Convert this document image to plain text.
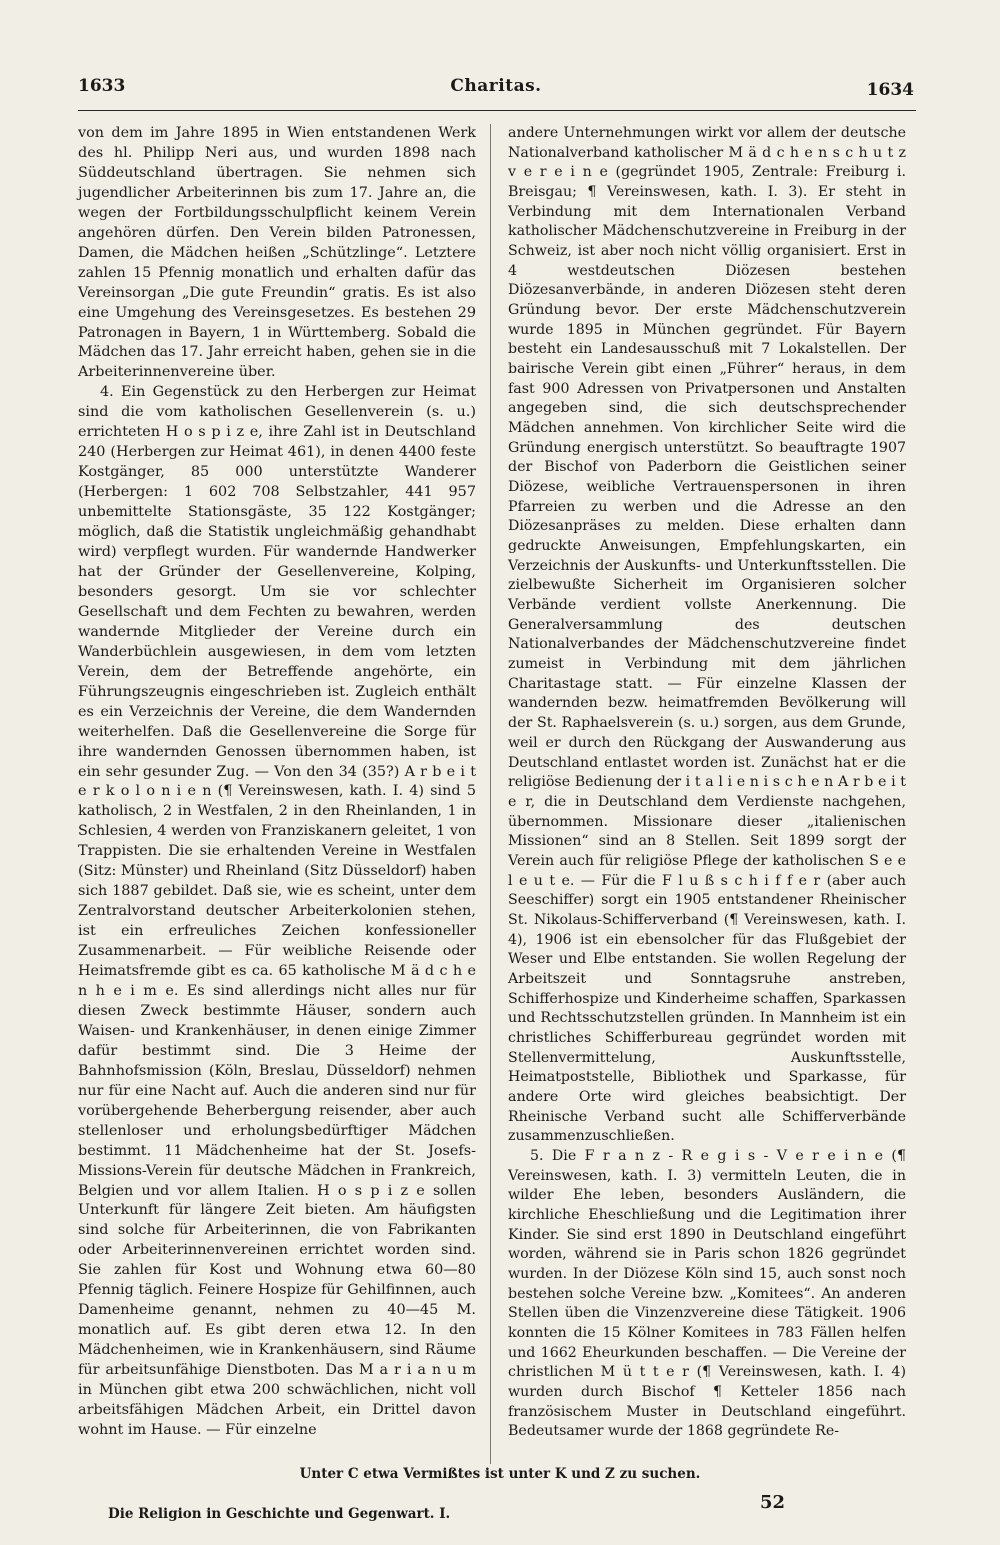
1633	Charitas.	1634

von dem im Jahre 1895 in Wien entstandenen Werk des hl. Philipp Neri aus, und wurden 1898 nach Süddeutschland übertragen. Sie nehmen sich jugendlicher Arbeiterinnen bis zum 17. Jahre an, die wegen der Fortbildungsschulpflicht keinem Verein angehören dürfen. Den Verein bilden Patronessen, Damen, die Mädchen heißen „Schützlinge“. Letztere zahlen 15 Pfennig monatlich und erhalten dafür das Vereinsorgan „Die gute Freundin“ gratis. Es ist also eine Umgehung des Vereinsgesetzes. Es bestehen 29 Patronagen in Bayern, 1 in Württemberg. Sobald die Mädchen das 17. Jahr erreicht haben, gehen sie in die Arbeiterinnenvereine über.

4. Ein Gegenstück zu den Herbergen zur Heimat sind die vom katholischen Gesellenverein (s. u.) errichteten H o s p i z e, ihre Zahl ist in Deutschland 240 (Herbergen zur Heimat 461), in denen 4400 feste Kostgänger, 85 000 unterstützte Wanderer (Herbergen: 1 602 708 Selbstzahler, 441 957 unbemittelte Stationsgäste, 35 122 Kostgänger; möglich, daß die Statistik ungleichmäßig gehandhabt wird) verpflegt wurden. Für wandernde Handwerker hat der Gründer der Gesellenvereine, Kolping, besonders gesorgt. Um sie vor schlechter Gesellschaft und dem Fechten zu bewahren, werden wandernde Mitglieder der Vereine durch ein Wanderbüchlein ausgewiesen, in dem vom letzten Verein, dem der Betreffende angehörte, ein Führungszeugnis eingeschrieben ist. Zugleich enthält es ein Verzeichnis der Vereine, die dem Wandernden weiterhelfen. Daß die Gesellenvereine die Sorge für ihre wandernden Genossen übernommen haben, ist ein sehr gesunder Zug. — Von den 34 (35?) A r b e i t e r k o l o n i e n (¶ Vereinswesen, kath. I. 4) sind 5 katholisch, 2 in Westfalen, 2 in den Rheinlanden, 1 in Schlesien, 4 werden von Franziskanern geleitet, 1 von Trappisten. Die sie erhaltenden Vereine in Westfalen (Sitz: Münster) und Rheinland (Sitz Düsseldorf) haben sich 1887 gebildet. Daß sie, wie es scheint, unter dem Zentralvorstand deutscher Arbeiterkolonien stehen, ist ein erfreuliches Zeichen konfessioneller Zusammenarbeit. — Für weibliche Reisende oder Heimatsfremde gibt es ca. 65 katholische M ä d c h e n h e i m e. Es sind allerdings nicht alles nur für diesen Zweck bestimmte Häuser, sondern auch Waisen- und Krankenhäuser, in denen einige Zimmer dafür bestimmt sind. Die 3 Heime der Bahnhofsmission (Köln, Breslau, Düsseldorf) nehmen nur für eine Nacht auf. Auch die anderen sind nur für vorübergehende Beherbergung reisender, aber auch stellenloser und erholungsbedürftiger Mädchen bestimmt. 11 Mädchenheime hat der St. Josefs-Missions-Verein für deutsche Mädchen in Frankreich, Belgien und vor allem Italien. H o s p i z e sollen Unterkunft für längere Zeit bieten. Am häufigsten sind solche für Arbeiterinnen, die von Fabrikanten oder Arbeiterinnenvereinen errichtet worden sind. Sie zahlen für Kost und Wohnung etwa 60—80 Pfennig täglich. Feinere Hospize für Gehilfinnen, auch Damenheime genannt, nehmen zu 40—45 M. monatlich auf. Es gibt deren etwa 12. In den Mädchenheimen, wie in Krankenhäusern, sind Räume für arbeitsunfähige Dienstboten. Das M a r i a n u m in München gibt etwa 200 schwächlichen, nicht voll arbeitsfähigen Mädchen Arbeit, ein Drittel davon wohnt im Hause. — Für einzelne

andere Unternehmungen wirkt vor allem der deutsche Nationalverband katholischer M ä d c h e n s c h u t z v e r e i n e (gegründet 1905, Zentrale: Freiburg i. Breisgau; ¶ Vereinswesen, kath. I. 3). Er steht in Verbindung mit dem Internationalen Verband katholischer Mädchenschutzvereine in Freiburg in der Schweiz, ist aber noch nicht völlig organisiert. Erst in 4 westdeutschen Diözesen bestehen Diözesanverbände, in anderen Diözesen steht deren Gründung bevor. Der erste Mädchenschutzverein wurde 1895 in München gegründet. Für Bayern besteht ein Landesausschuß mit 7 Lokalstellen. Der bairische Verein gibt einen „Führer“ heraus, in dem fast 900 Adressen von Privatpersonen und Anstalten angegeben sind, die sich deutschsprechender Mädchen annehmen. Von kirchlicher Seite wird die Gründung energisch unterstützt. So beauftragte 1907 der Bischof von Paderborn die Geistlichen seiner Diözese, weibliche Vertrauenspersonen in ihren Pfarreien zu werben und die Adresse an den Diözesanpräses zu melden. Diese erhalten dann gedruckte Anweisungen, Empfehlungskarten, ein Verzeichnis der Auskunfts- und Unterkunftsstellen. Die zielbewußte Sicherheit im Organisieren solcher Verbände verdient vollste Anerkennung. Die Generalversammlung des deutschen Nationalverbandes der Mädchenschutzvereine findet zumeist in Verbindung mit dem jährlichen Charitastage statt. — Für einzelne Klassen der wandernden bezw. heimatfremden Bevölkerung will der St. Raphaelsverein (s. u.) sorgen, aus dem Grunde, weil er durch den Rückgang der Auswanderung aus Deutschland entlastet worden ist. Zunächst hat er die religiöse Bedienung der i t a l i e n i s c h e n A r b e i t e r, die in Deutschland dem Verdienste nachgehen, übernommen. Missionare dieser „italienischen Missionen“ sind an 8 Stellen. Seit 1899 sorgt der Verein auch für religiöse Pflege der katholischen S e e l e u t e. — Für die F l u ß s c h i f f e r (aber auch Seeschiffer) sorgt ein 1905 entstandener Rheinischer St. Nikolaus-Schifferverband (¶ Vereinswesen, kath. I. 4), 1906 ist ein ebensolcher für das Flußgebiet der Weser und Elbe entstanden. Sie wollen Regelung der Arbeitszeit und Sonntagsruhe anstreben, Schifferhospize und Kinderheime schaffen, Sparkassen und Rechtsschutzstellen gründen. In Mannheim ist ein christliches Schifferbureau gegründet worden mit Stellenvermittelung, Auskunftsstelle, Heimatpoststelle, Bibliothek und Sparkasse, für andere Orte wird gleiches beabsichtigt. Der Rheinische Verband sucht alle Schifferverbände zusammenzuschließen.

5. Die F r a n z - R e g i s - V e r e i n e (¶ Vereinswesen, kath. I. 3) vermitteln Leuten, die in wilder Ehe leben, besonders Ausländern, die kirchliche Eheschließung und die Legitimation ihrer Kinder. Sie sind erst 1890 in Deutschland eingeführt worden, während sie in Paris schon 1826 gegründet wurden. In der Diözese Köln sind 15, auch sonst noch bestehen solche Vereine bzw. „Komitees“. An anderen Stellen üben die Vinzenzvereine diese Tätigkeit. 1906 konnten die 15 Kölner Komitees in 783 Fällen helfen und 1662 Eheurkunden beschaffen. — Die Vereine der christlichen M ü t t e r (¶ Vereinswesen, kath. I. 4) wurden durch Bischof ¶ Ketteler 1856 nach französischem Muster in Deutschland eingeführt. Bedeutsamer wurde der 1868 gegründete Re-

Unter C etwa Vermißtes ist unter K und Z zu suchen.
Die Religion in Geschichte und Gegenwart. I.
52
